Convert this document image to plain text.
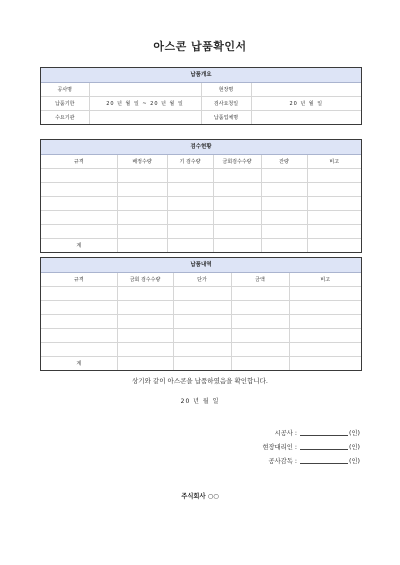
아스콘 납품확인서
납품개요
공사명		현장명	
납품기한	20 년 월 일 ~ 20 년 월 일	검사요청일	20 년 월 일
수요기관		납품업체명	
검수현황
규격	배정수량	기 검수량	금회검수수량	잔량	비고

계					
납품내역
규격	금회 검수수량	단가	금액	비고

계				
상기와 같이 아스콘을 납품하였음을 확인합니다.
20 년 월 일
시공사 :	(인)
현장대리인 :	(인)
공사감독 :	(인)
주식회사 ○○
